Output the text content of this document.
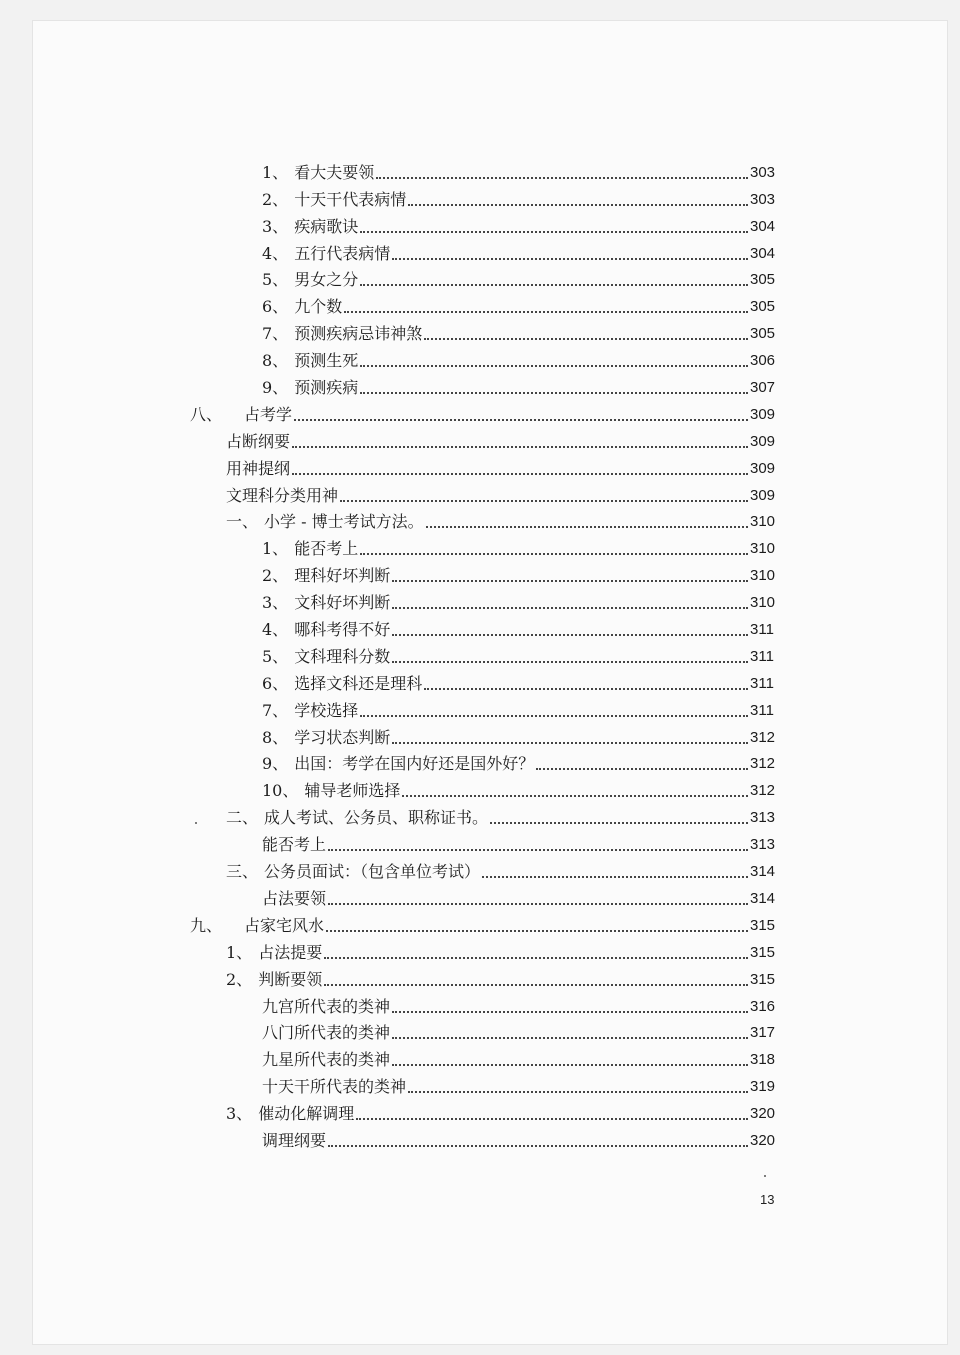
1、 看大夫要领	303
2、 十天干代表病情	303
3、 疾病歌诀	304
4、 五行代表病情	304
5、 男女之分	305
6、 九个数	305
7、 预测疾病忌讳神煞	305
8、 预测生死	306
9、 预测疾病	307
八、 占考学	309
占断纲要	309
用神提纲	309
文理科分类用神	309
一、 小学 - 博士考试方法。	310
1、 能否考上	310
2、 理科好坏判断	310
3、 文科好坏判断	310
4、 哪科考得不好	311
5、 文科理科分数	311
6、 选择文科还是理科	311
7、 学校选择	311
8、 学习状态判断	312
9、 出国：考学在国内好还是国外好？	312
10、 辅导老师选择	312
二、 成人考试、公务员、职称证书。	313
能否考上	313
三、 公务员面试：（包含单位考试）	314
占法要领	314
九、 占家宅风水	315
1、 占法提要	315
2、 判断要领	315
九宫所代表的类神	316
八门所代表的类神	317
九星所代表的类神	318
十天干所代表的类神	319
3、 催动化解调理	320
调理纲要	320
13
